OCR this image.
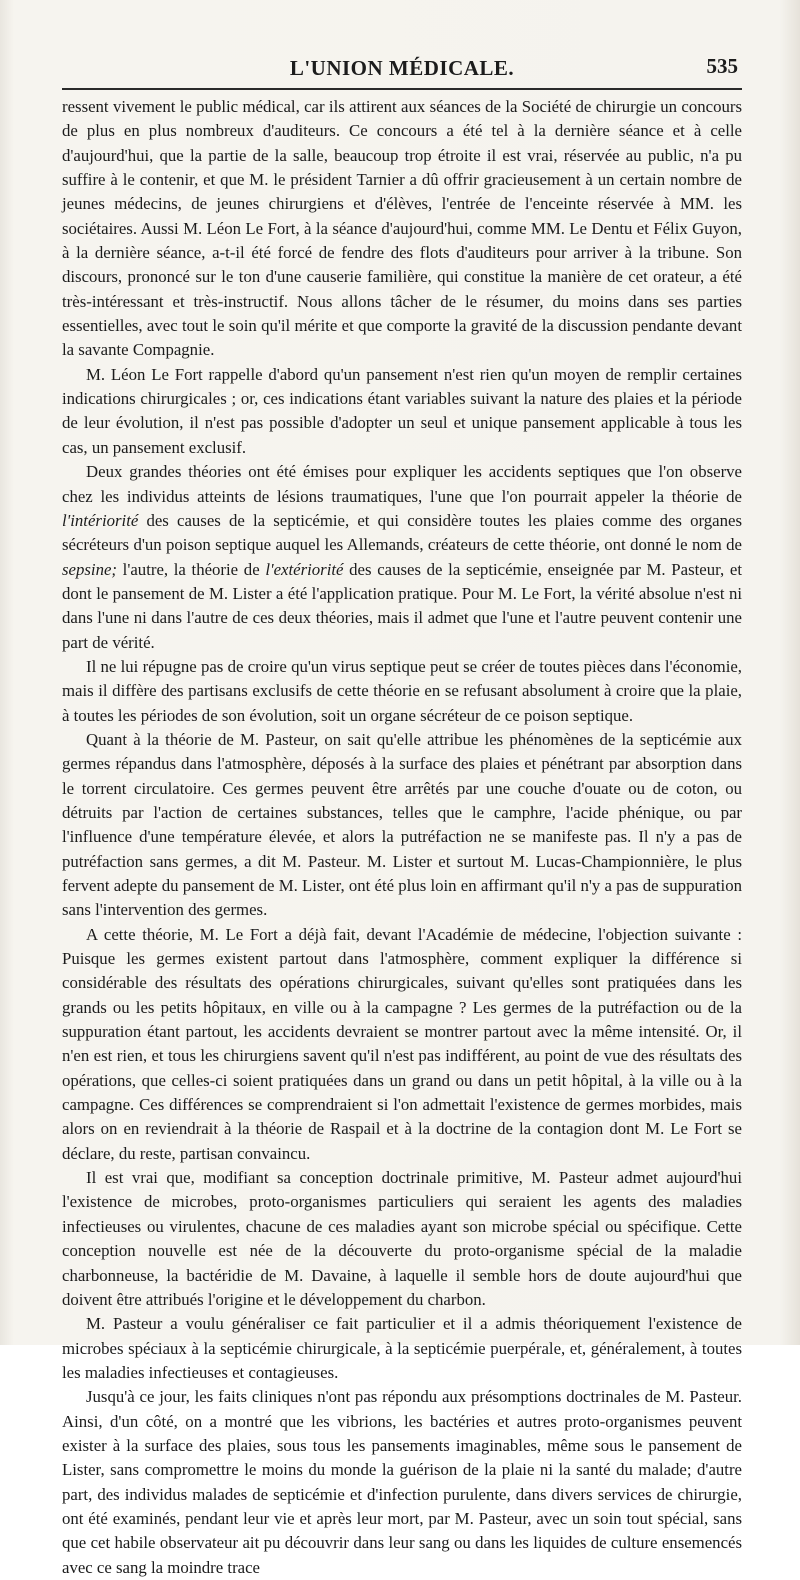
L'UNION MÉDICALE.	535

ressent vivement le public médical, car ils attirent aux séances de la Société de chirurgie un concours de plus en plus nombreux d'auditeurs. Ce concours a été tel à la dernière séance et à celle d'aujourd'hui, que la partie de la salle, beaucoup trop étroite il est vrai, réservée au public, n'a pu suffire à le contenir, et que M. le président Tarnier a dû offrir gracieusement à un certain nombre de jeunes médecins, de jeunes chirurgiens et d'élèves, l'entrée de l'enceinte réservée à MM. les sociétaires. Aussi M. Léon Le Fort, à la séance d'aujourd'hui, comme MM. Le Dentu et Félix Guyon, à la dernière séance, a-t-il été forcé de fendre des flots d'auditeurs pour arriver à la tribune. Son discours, prononcé sur le ton d'une causerie familière, qui constitue la manière de cet orateur, a été très-intéressant et très-instructif. Nous allons tâcher de le résumer, du moins dans ses parties essentielles, avec tout le soin qu'il mérite et que comporte la gravité de la discussion pendante devant la savante Compagnie.

M. Léon Le Fort rappelle d'abord qu'un pansement n'est rien qu'un moyen de remplir certaines indications chirurgicales ; or, ces indications étant variables suivant la nature des plaies et la période de leur évolution, il n'est pas possible d'adopter un seul et unique pansement applicable à tous les cas, un pansement exclusif.

Deux grandes théories ont été émises pour expliquer les accidents septiques que l'on observe chez les individus atteints de lésions traumatiques, l'une que l'on pourrait appeler la théorie de l'intériorité des causes de la septicémie, et qui considère toutes les plaies comme des organes sécréteurs d'un poison septique auquel les Allemands, créateurs de cette théorie, ont donné le nom de sepsine; l'autre, la théorie de l'extériorité des causes de la septicémie, enseignée par M. Pasteur, et dont le pansement de M. Lister a été l'application pratique. Pour M. Le Fort, la vérité absolue n'est ni dans l'une ni dans l'autre de ces deux théories, mais il admet que l'une et l'autre peuvent contenir une part de vérité.

Il ne lui répugne pas de croire qu'un virus septique peut se créer de toutes pièces dans l'économie, mais il diffère des partisans exclusifs de cette théorie en se refusant absolument à croire que la plaie, à toutes les périodes de son évolution, soit un organe sécréteur de ce poison septique.

Quant à la théorie de M. Pasteur, on sait qu'elle attribue les phénomènes de la septicémie aux germes répandus dans l'atmosphère, déposés à la surface des plaies et pénétrant par absorption dans le torrent circulatoire. Ces germes peuvent être arrêtés par une couche d'ouate ou de coton, ou détruits par l'action de certaines substances, telles que le camphre, l'acide phénique, ou par l'influence d'une température élevée, et alors la putréfaction ne se manifeste pas. Il n'y a pas de putréfaction sans germes, a dit M. Pasteur. M. Lister et surtout M. Lucas-Championnière, le plus fervent adepte du pansement de M. Lister, ont été plus loin en affirmant qu'il n'y a pas de suppuration sans l'intervention des germes.

A cette théorie, M. Le Fort a déjà fait, devant l'Académie de médecine, l'objection suivante : Puisque les germes existent partout dans l'atmosphère, comment expliquer la différence si considérable des résultats des opérations chirurgicales, suivant qu'elles sont pratiquées dans les grands ou les petits hôpitaux, en ville ou à la campagne ? Les germes de la putréfaction ou de la suppuration étant partout, les accidents devraient se montrer partout avec la même intensité. Or, il n'en est rien, et tous les chirurgiens savent qu'il n'est pas indifférent, au point de vue des résultats des opérations, que celles-ci soient pratiquées dans un grand ou dans un petit hôpital, à la ville ou à la campagne. Ces différences se comprendraient si l'on admettait l'existence de germes morbides, mais alors on en reviendrait à la théorie de Raspail et à la doctrine de la contagion dont M. Le Fort se déclare, du reste, partisan convaincu.

Il est vrai que, modifiant sa conception doctrinale primitive, M. Pasteur admet aujourd'hui l'existence de microbes, proto-organismes particuliers qui seraient les agents des maladies infectieuses ou virulentes, chacune de ces maladies ayant son microbe spécial ou spécifique. Cette conception nouvelle est née de la découverte du proto-organisme spécial de la maladie charbonneuse, la bactéridie de M. Davaine, à laquelle il semble hors de doute aujourd'hui que doivent être attribués l'origine et le développement du charbon.

M. Pasteur a voulu généraliser ce fait particulier et il a admis théoriquement l'existence de microbes spéciaux à la septicémie chirurgicale, à la septicémie puerpérale, et, généralement, à toutes les maladies infectieuses et contagieuses.

Jusqu'à ce jour, les faits cliniques n'ont pas répondu aux présomptions doctrinales de M. Pasteur. Ainsi, d'un côté, on a montré que les vibrions, les bactéries et autres proto-organismes peuvent exister à la surface des plaies, sous tous les pansements imaginables, même sous le pansement de Lister, sans compromettre le moins du monde la guérison de la plaie ni la santé du malade; d'autre part, des individus malades de septicémie et d'infection purulente, dans divers services de chirurgie, ont été examinés, pendant leur vie et après leur mort, par M. Pasteur, avec un soin tout spécial, sans que cet habile observateur ait pu découvrir dans leur sang ou dans les liquides de culture ensemencés avec ce sang la moindre trace
